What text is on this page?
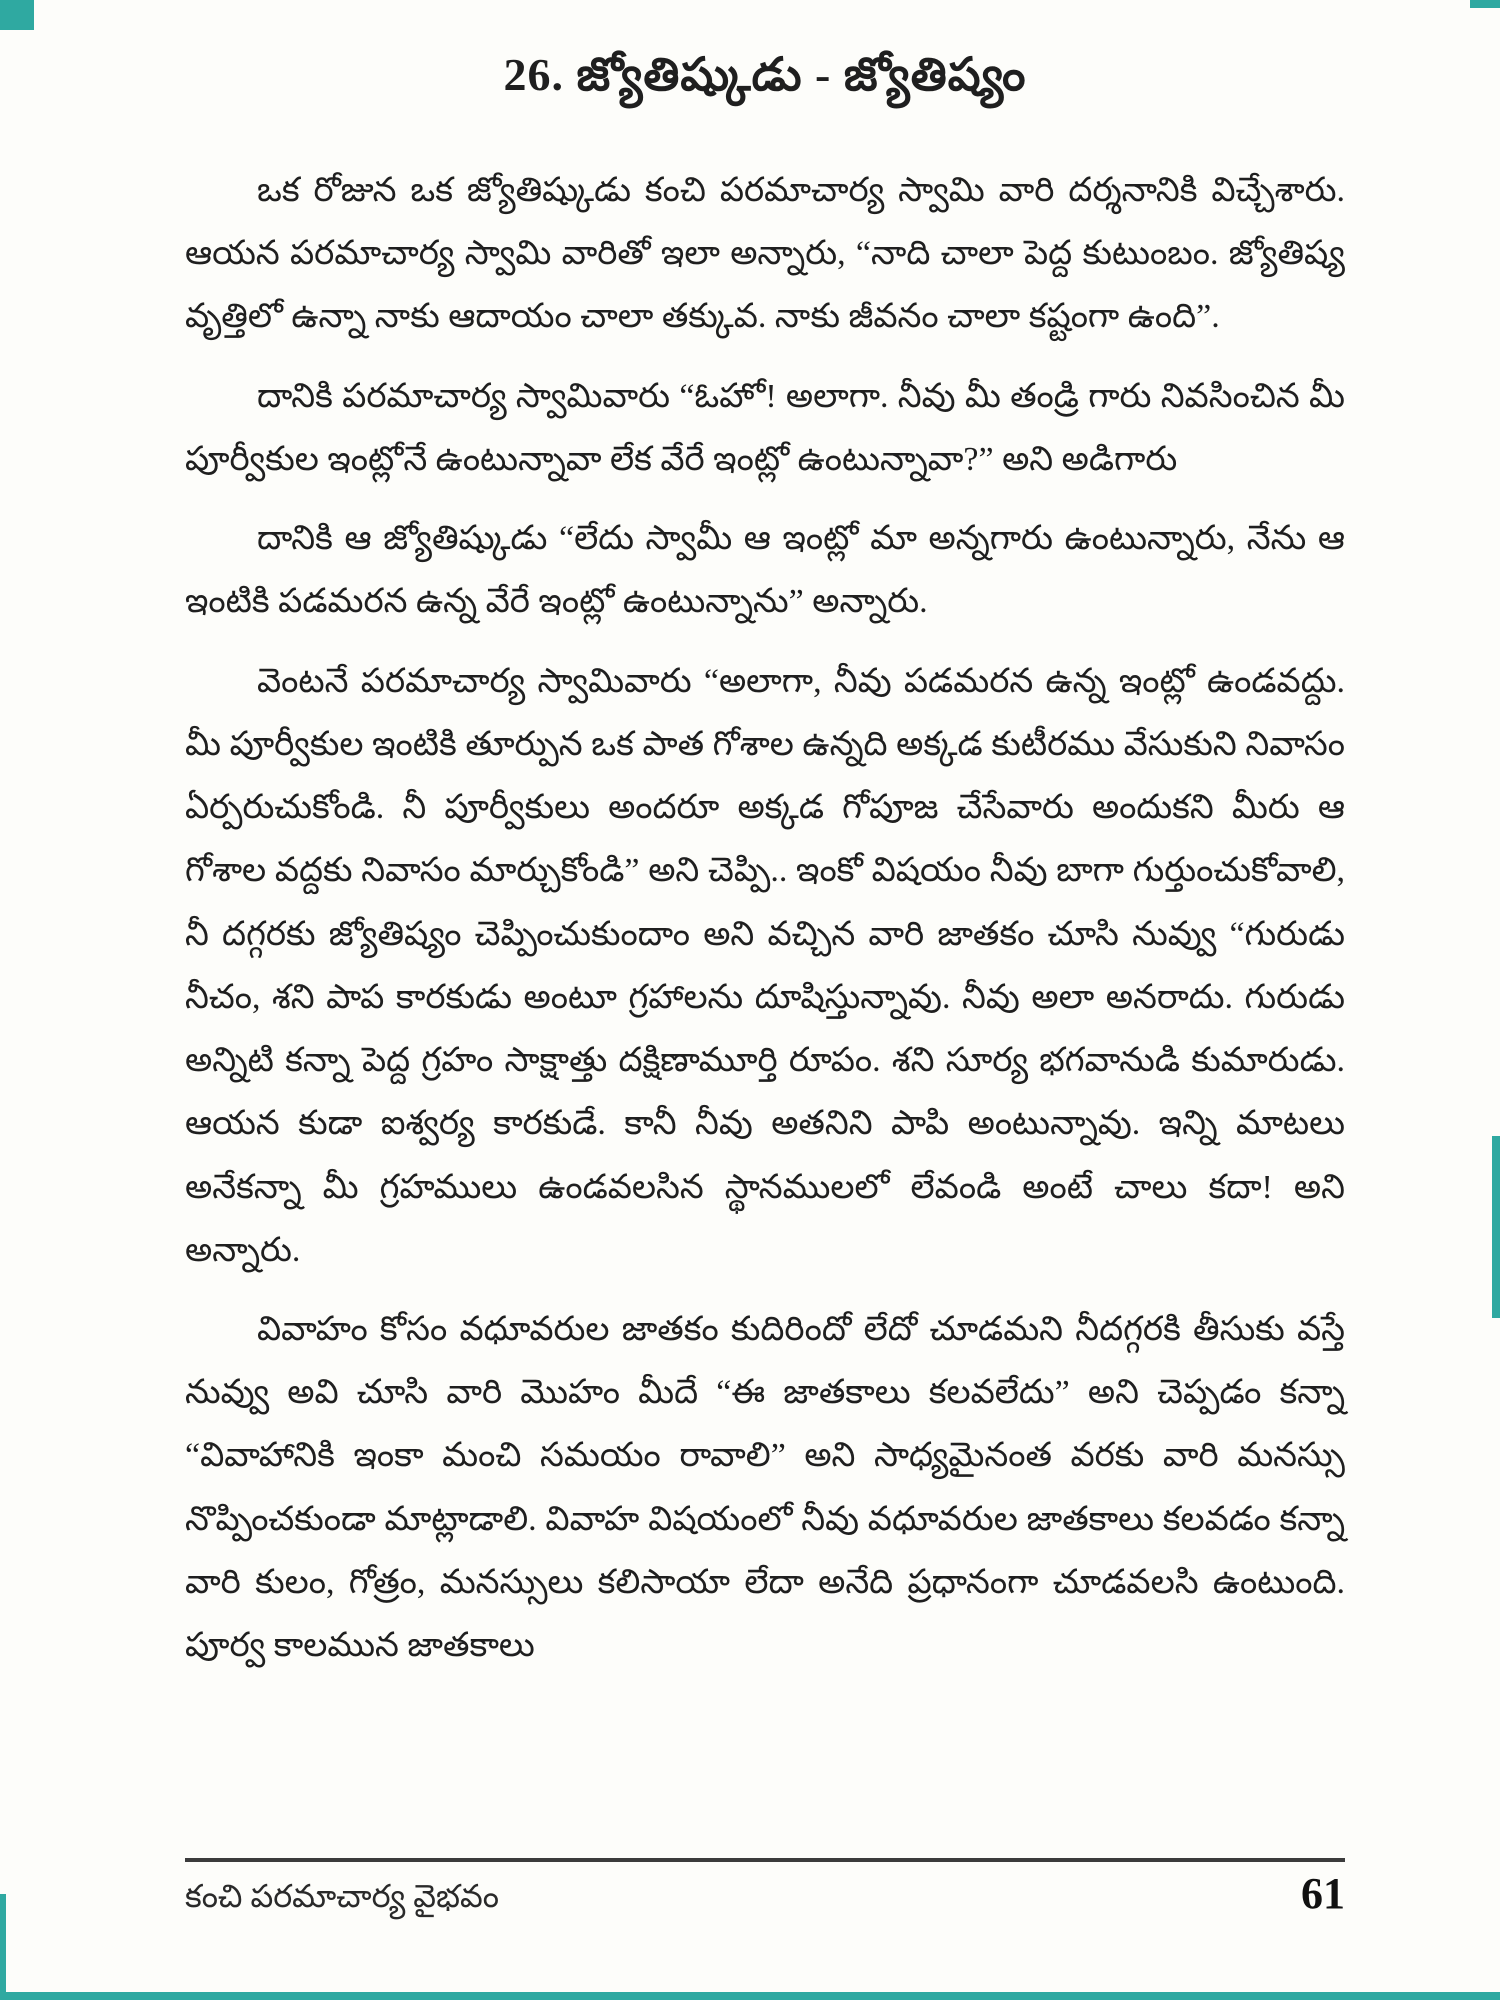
26. జ్యోతిష్కుడు - జ్యోతిష్యం

ఒక రోజున ఒక జ్యోతిష్కుడు కంచి పరమాచార్య స్వామి వారి దర్శనానికి విచ్చేశారు. ఆయన పరమాచార్య స్వామి వారితో ఇలా అన్నారు, “నాది చాలా పెద్ద కుటుంబం. జ్యోతిష్య వృత్తిలో ఉన్నా నాకు ఆదాయం చాలా తక్కువ. నాకు జీవనం చాలా కష్టంగా ఉంది”.

దానికి పరమాచార్య స్వామివారు “ఓహో! అలాగా. నీవు మీ తండ్రి గారు నివసించిన మీ పూర్వీకుల ఇంట్లోనే ఉంటున్నావా లేక వేరే ఇంట్లో ఉంటున్నావా?” అని అడిగారు

దానికి ఆ జ్యోతిష్కుడు “లేదు స్వామీ ఆ ఇంట్లో మా అన్నగారు ఉంటున్నారు, నేను ఆ ఇంటికి పడమరన ఉన్న వేరే ఇంట్లో ఉంటున్నాను” అన్నారు.

వెంటనే పరమాచార్య స్వామివారు “అలాగా, నీవు పడమరన ఉన్న ఇంట్లో ఉండవద్దు. మీ పూర్వీకుల ఇంటికి తూర్పున ఒక పాత గోశాల ఉన్నది అక్కడ కుటీరము వేసుకుని నివాసం ఏర్పరుచుకోండి. నీ పూర్వీకులు అందరూ అక్కడ గోపూజ చేసేవారు అందుకని మీరు ఆ గోశాల వద్దకు నివాసం మార్చుకోండి” అని చెప్పి.. ఇంకో విషయం నీవు బాగా గుర్తుంచుకోవాలి, నీ దగ్గరకు జ్యోతిష్యం చెప్పించుకుందాం అని వచ్చిన వారి జాతకం చూసి నువ్వు “గురుడు నీచం, శని పాప కారకుడు అంటూ గ్రహాలను దూషిస్తున్నావు. నీవు అలా అనరాదు. గురుడు అన్నిటి కన్నా పెద్ద గ్రహం సాక్షాత్తు దక్షిణామూర్తి రూపం. శని సూర్య భగవానుడి కుమారుడు. ఆయన కుడా ఐశ్వర్య కారకుడే. కానీ నీవు అతనిని పాపి అంటున్నావు. ఇన్ని మాటలు అనేకన్నా మీ గ్రహములు ఉండవలసిన స్థానములలో లేవండి అంటే చాలు కదా! అని అన్నారు.

వివాహం కోసం వధూవరుల జాతకం కుదిరిందో లేదో చూడమని నీదగ్గరకి తీసుకు వస్తే నువ్వు అవి చూసి వారి మొహం మీదే “ఈ జాతకాలు కలవలేదు” అని చెప్పడం కన్నా “వివాహానికి ఇంకా మంచి సమయం రావాలి” అని సాధ్యమైనంత వరకు వారి మనస్సు నొప్పించకుండా మాట్లాడాలి. వివాహ విషయంలో నీవు వధూవరుల జాతకాలు కలవడం కన్నా వారి కులం, గోత్రం, మనస్సులు కలిసాయా లేదా అనేది ప్రధానంగా చూడవలసి ఉంటుంది. పూర్వ కాలమున జాతకాలు

కంచి పరమాచార్య వైభవం	61
